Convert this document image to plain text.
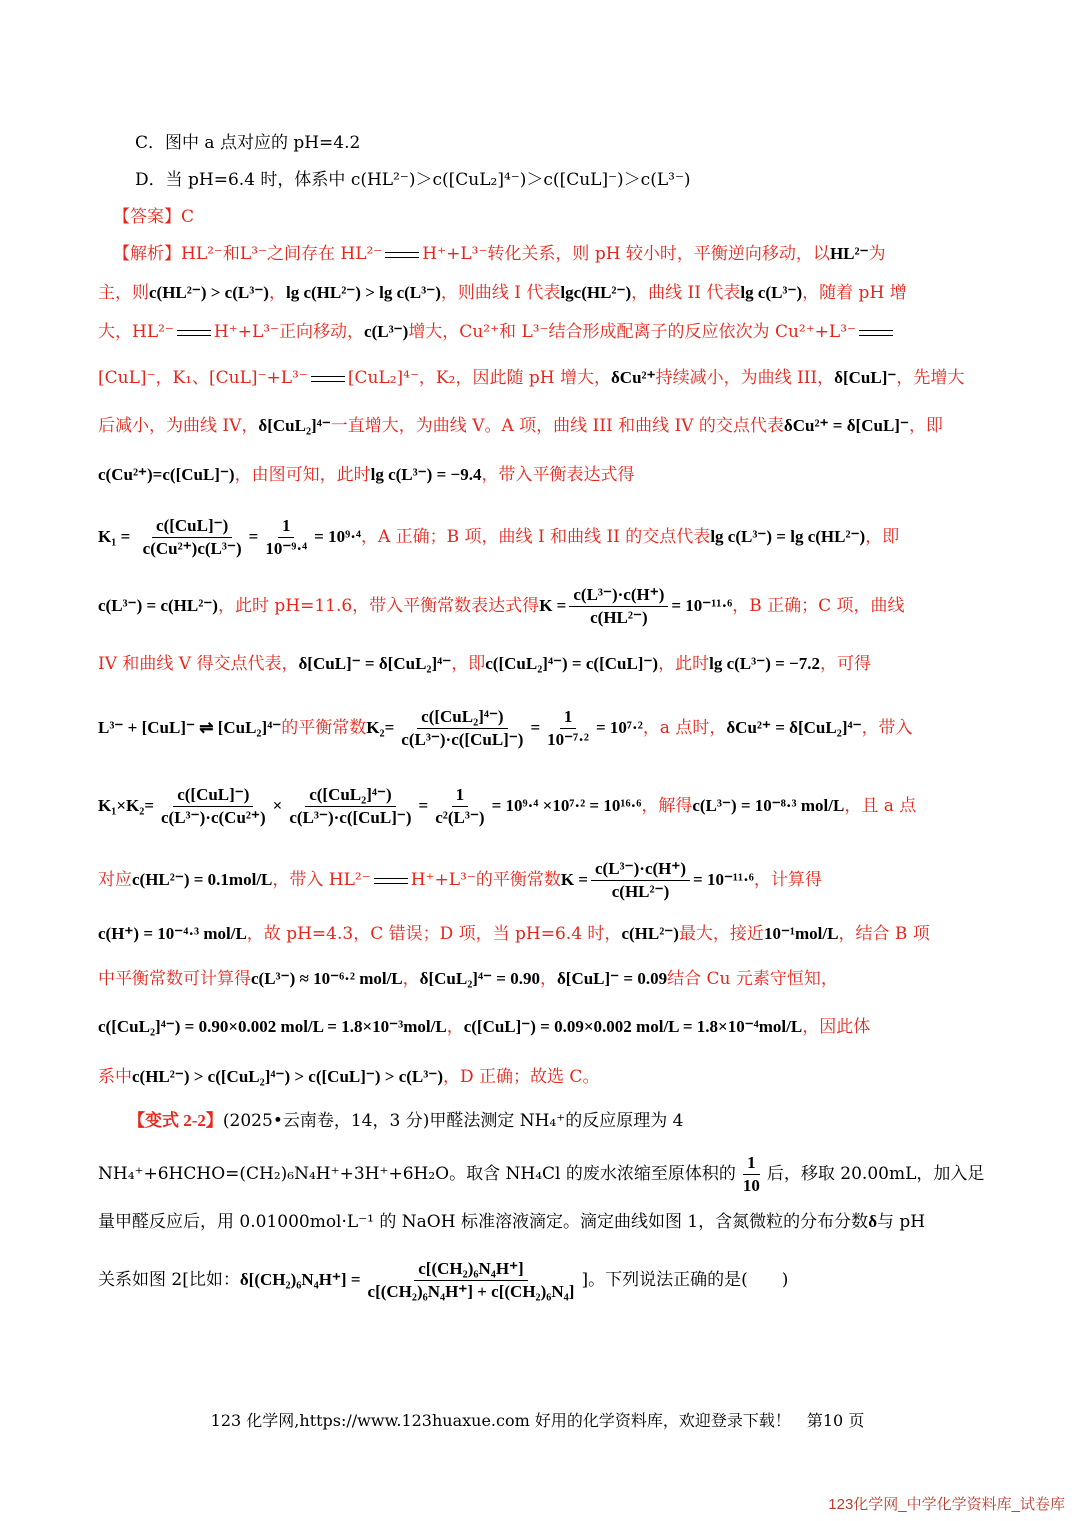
C．图中 a 点对应的 pH=4.2
D．当 pH=6.4 时，体系中 c(HL²⁻)＞c([CuL₂]⁴⁻)＞c([CuL]⁻)＞c(L³⁻)
【答案】C
【解析】HL²⁻和L³⁻之间存在 HL²⁻ H⁺+L³⁻转化关系，则 pH 较小时，平衡逆向移动，以HL²⁻为
主，则c(HL²⁻) > c(L³⁻)，lg c(HL²⁻) > lg c(L³⁻)，则曲线 I 代表lgc(HL²⁻)，曲线 II 代表lg c(L³⁻)，随着 pH 增
大，HL²⁻ H⁺+L³⁻正向移动，c(L³⁻)增大，Cu²⁺和 L³⁻结合形成配离子的反应依次为 Cu²⁺+L³⁻
[CuL]⁻，K₁、[CuL]⁻+L³⁻ [CuL₂]⁴⁻，K₂，因此随 pH 增大，δCu²⁺持续减小，为曲线 III，δ[CuL]⁻，先增大
后减小，为曲线 IV，δ[CuL₂]⁴⁻一直增大，为曲线 V。A 项，曲线 III 和曲线 IV 的交点代表δCu²⁺ = δ[CuL]⁻，即
c(Cu²⁺)=c([CuL]⁻)，由图可知，此时lg c(L³⁻) = −9.4，带入平衡表达式得
$K_1 = \frac{\text{c([CuL]⁻)}}{\text{c(Cu²⁺)c(L³⁻)}} = \frac{1}{\text{10⁻⁹·⁴}} = 10^9\cdot^4$，A 正确；B 项，曲线 I 和曲线 II 的交点代表lg c(L³⁻) = lg c(HL²⁻)，即
c(L³⁻) = c(HL²⁻)，此时 pH=11.6，带入平衡常数表达式得$K = \frac{\text{c(L³⁻)·c(H⁺)}}{\text{c(HL²⁻)}} = 10^{-11}\cdot^6$，B 正确；C 项，曲线
IV 和曲线 V 得交点代表，δ[CuL]⁻ = δ[CuL₂]⁴⁻，即c([CuL₂]⁴⁻) = c([CuL]⁻)，此时lg c(L³⁻) = −7.2，可得
L³⁻ + [CuL]⁻ ⇌ [CuL₂]⁴⁻的平衡常数$K_2= \frac{\text{c([CuL₂]⁴⁻)}}{\text{c(L³⁻)·c([CuL]⁻)}} = \frac{1}{\text{10⁻⁷·²}} = 10^7\cdot^2$，a 点时，δCu²⁺ = δ[CuL₂]⁴⁻，带入
$K_1\times K_2= \frac{\text{c([CuL]⁻)}}{\text{c(L³⁻)·c(Cu²⁺)}} \times \frac{\text{c([CuL₂]⁴⁻)}}{\text{c(L³⁻)·c([CuL]⁻)}} = \frac{1}{\text{c²(L³⁻)}} = 10^9\cdot^4 \times 10^7\cdot^2 = 10^{16}\cdot^6$，解得c(L³⁻) = 10⁻⁸·³ mol/L，且 a 点
对应c(HL²⁻) = 0.1mol/L，带入 HL²⁻ H⁺+L³⁻的平衡常数$K = \frac{\text{c(L³⁻)·c(H⁺)}}{\text{c(HL²⁻)}} = 10^{-11}\cdot^6$，计算得
c(H⁺) = 10⁻⁴·³ mol/L，故 pH=4.3，C 错误；D 项，当 pH=6.4 时，c(HL²⁻)最大，接近10⁻¹mol/L，结合 B 项
中平衡常数可计算得c(L³⁻) ≈ 10⁻⁶·² mol/L，δ[CuL₂]⁴⁻ = 0.90，δ[CuL]⁻ = 0.09结合 Cu 元素守恒知，
c([CuL₂]⁴⁻) = 0.90×0.002 mol/L = 1.8×10⁻³mol/L，c([CuL]⁻) = 0.09×0.002 mol/L = 1.8×10⁻⁴mol/L，因此体
系中c(HL²⁻) > c([CuL₂]⁴⁻) > c([CuL]⁻) > c(L³⁻)，D 正确；故选 C。
【变式 2-2】(2025•云南卷，14，3 分)甲醛法测定 NH₄⁺的反应原理为 4
NH₄⁺+6HCHO=(CH₂)₆N₄H⁺+3H⁺+6H₂O。取含 NH₄Cl 的废水浓缩至原体积的 $\frac{1}{10}$ 后，移取 20.00mL，加入足
量甲醛反应后，用 0.01000mol·L⁻¹ 的 NaOH 标准溶液滴定。滴定曲线如图 1，含氮微粒的分布分数δ与 pH
关系如图 2[比如：$\delta[(CH_2)_6N_4H^+] = \frac{\text{c[(CH₂)₆N₄H⁺]}}{\text{c[(CH₂)₆N₄H⁺] + c[(CH₂)₆N₄]}}$ ]。下列说法正确的是(　　)
123 化学网,https://www.123huaxue.com 好用的化学资料库，欢迎登录下载！　第10 页
123化学网_中学化学资料库_试卷库
